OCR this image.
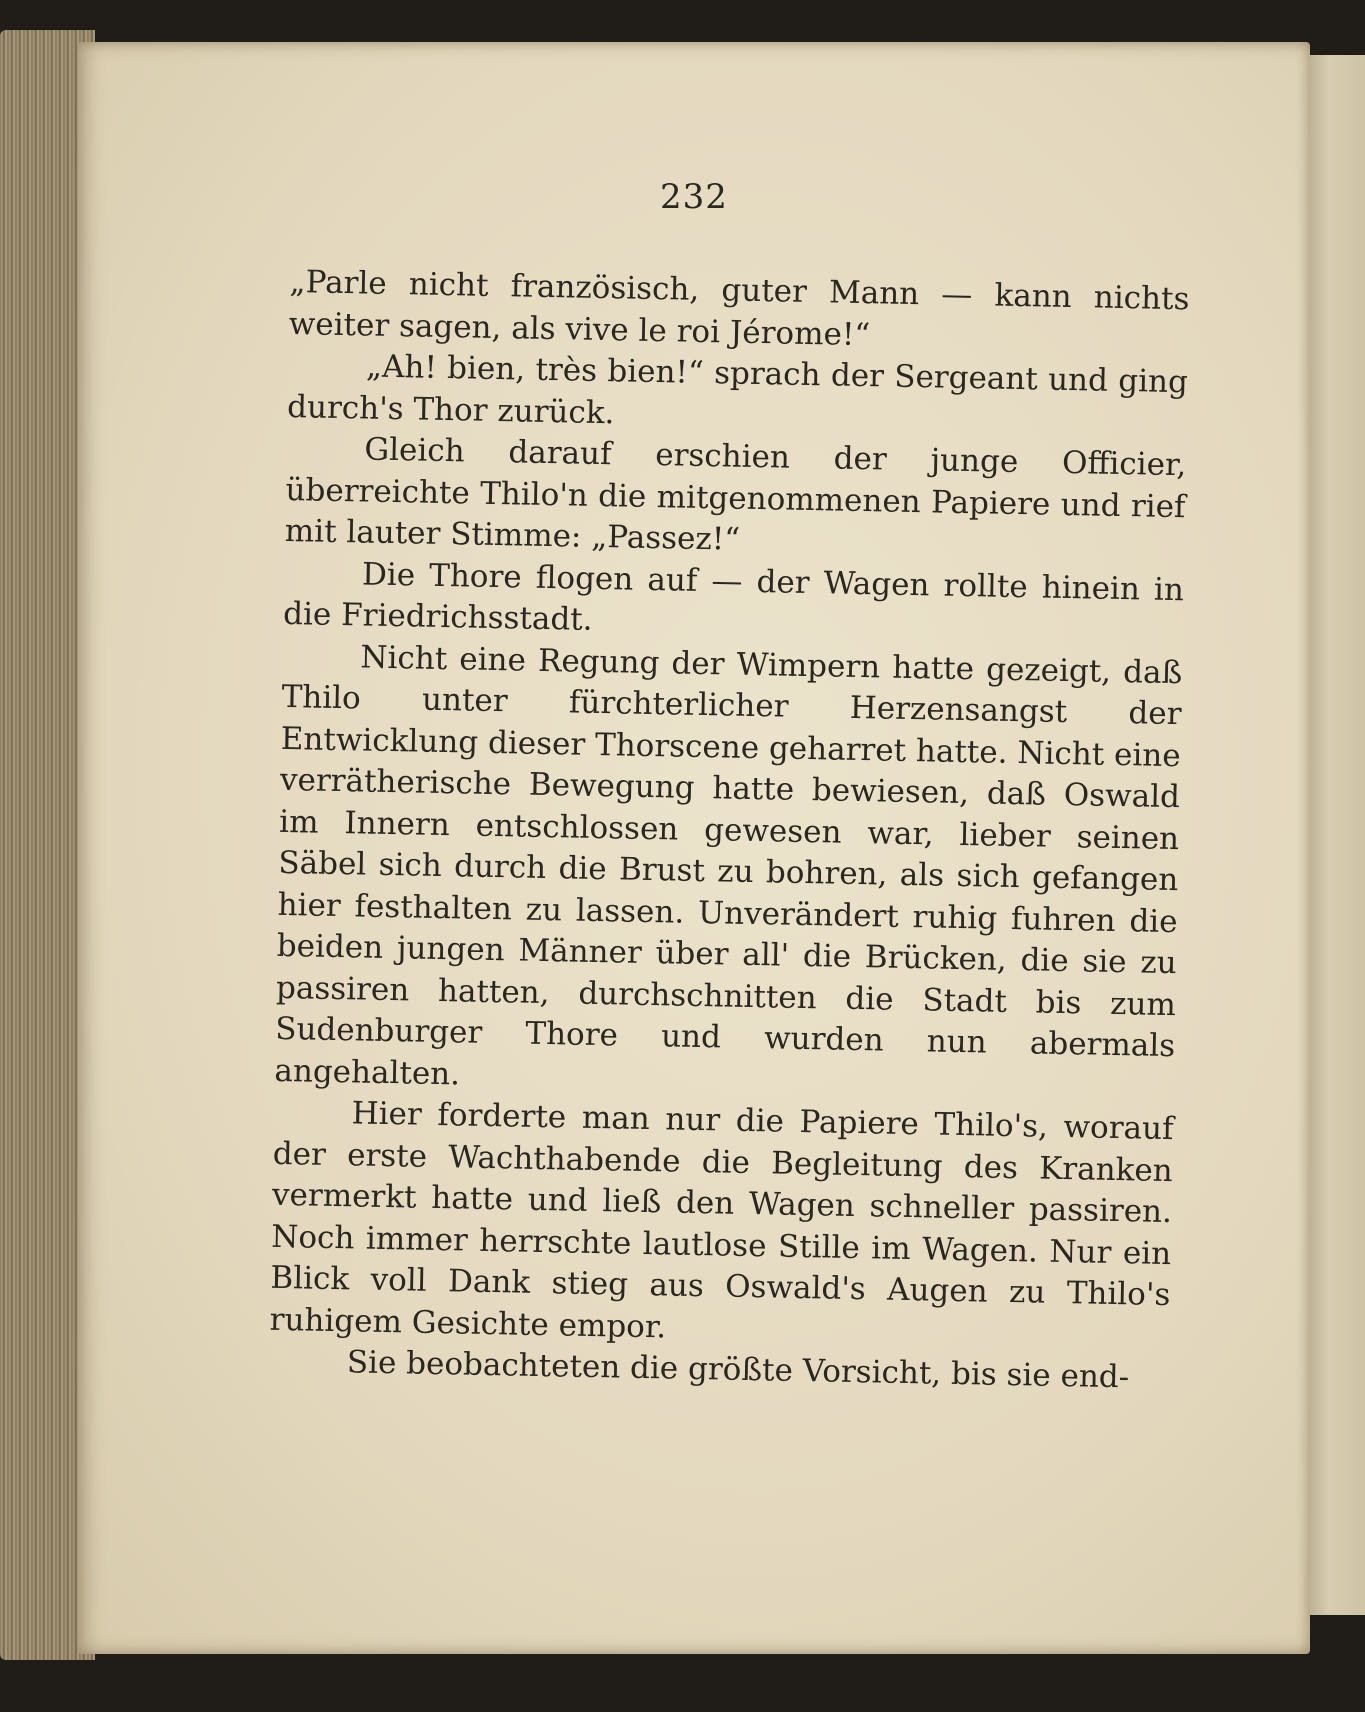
232

„Parle nicht französisch, guter Mann — kann nichts weiter sagen, als vive le roi Jérome!“

„Ah! bien, très bien!“ sprach der Sergeant und ging durch's Thor zurück.

Gleich darauf erschien der junge Officier, überreichte Thilo'n die mitgenommenen Papiere und rief mit lauter Stimme: „Passez!“

Die Thore flogen auf — der Wagen rollte hinein in die Friedrichsstadt.

Nicht eine Regung der Wimpern hatte gezeigt, daß Thilo unter fürchterlicher Herzensangst der Entwicklung dieser Thorscene geharret hatte. Nicht eine verrätherische Bewegung hatte bewiesen, daß Oswald im Innern entschlossen gewesen war, lieber seinen Säbel sich durch die Brust zu bohren, als sich gefangen hier festhalten zu lassen. Unverändert ruhig fuhren die beiden jungen Männer über all' die Brücken, die sie zu passiren hatten, durchschnitten die Stadt bis zum Sudenburger Thore und wurden nun abermals angehalten.

Hier forderte man nur die Papiere Thilo's, worauf der erste Wachthabende die Begleitung des Kranken vermerkt hatte und ließ den Wagen schneller passiren. Noch immer herrschte lautlose Stille im Wagen. Nur ein Blick voll Dank stieg aus Oswald's Augen zu Thilo's ruhigem Gesichte empor.

Sie beobachteten die größte Vorsicht, bis sie end-
